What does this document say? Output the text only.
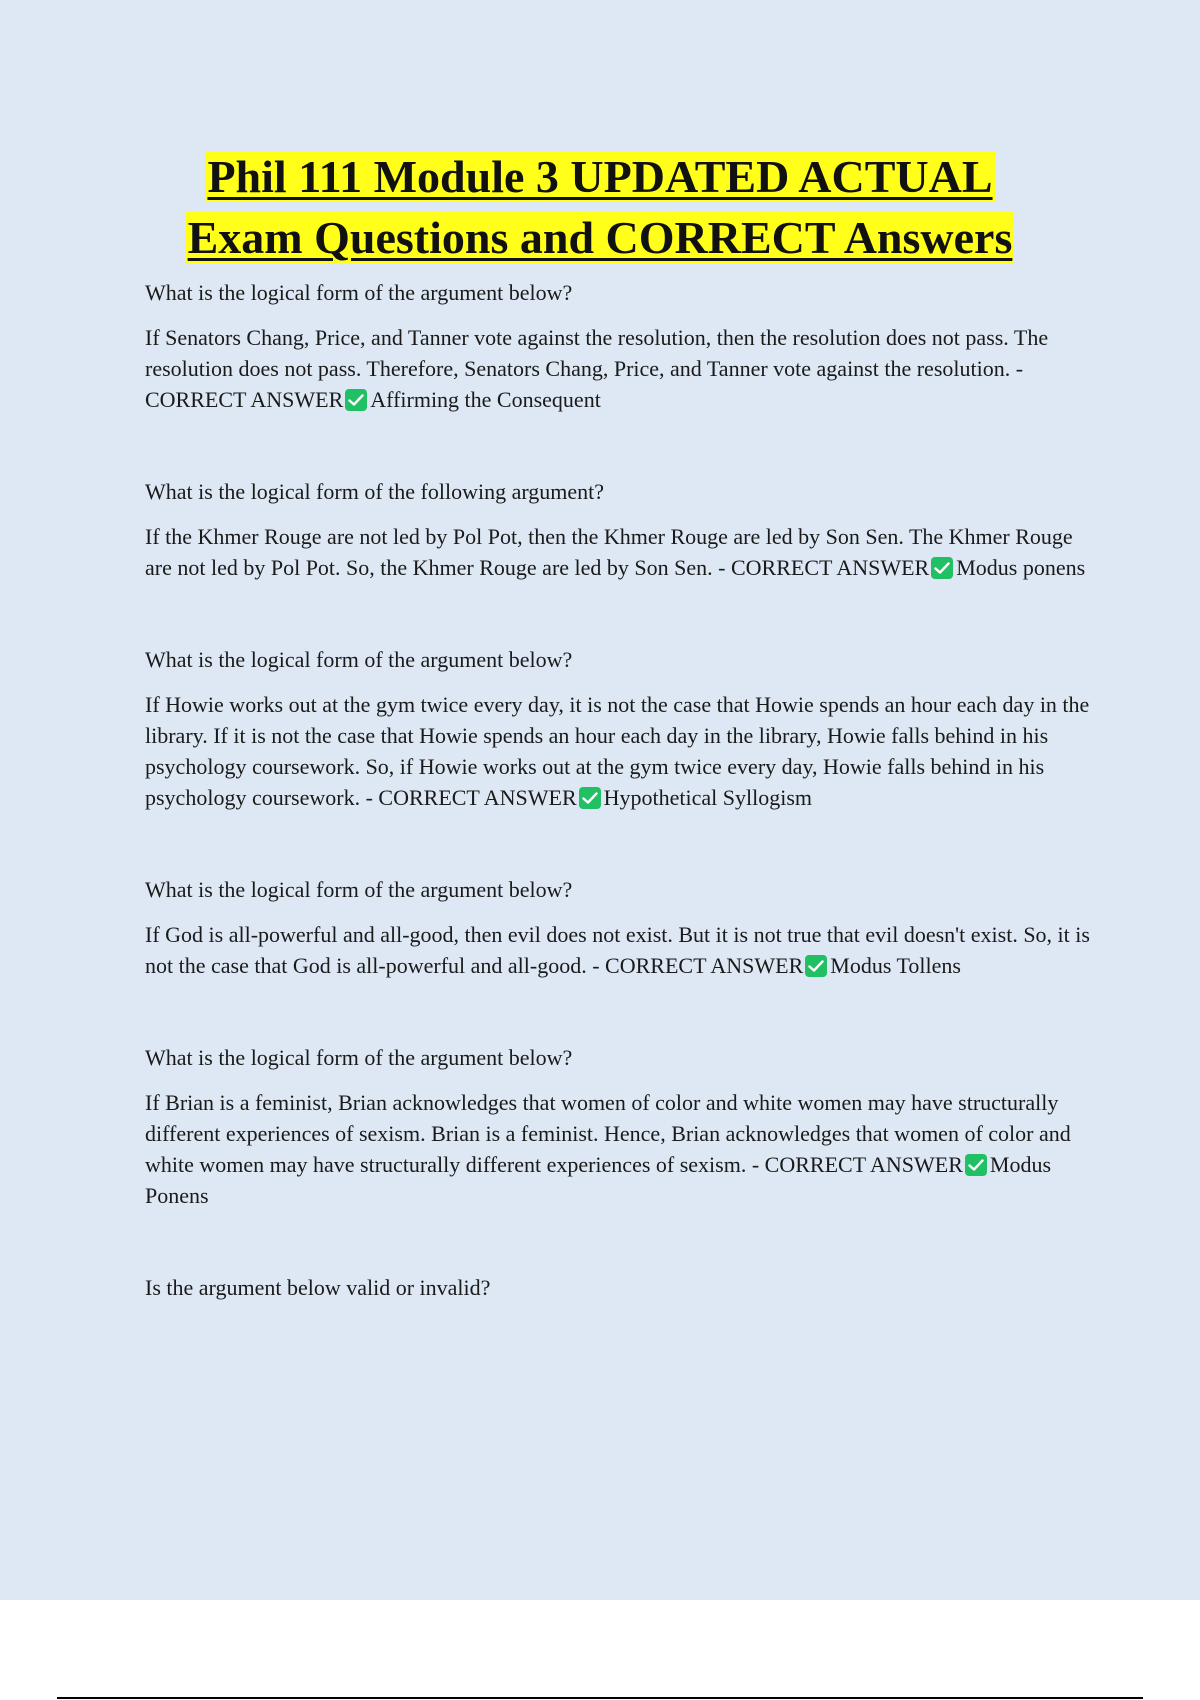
Phil 111 Module 3 UPDATED ACTUAL
Exam Questions and CORRECT Answers

What is the logical form of the argument below?

If Senators Chang, Price, and Tanner vote against the resolution, then the resolution does not pass. The resolution does not pass. Therefore, Senators Chang, Price, and Tanner vote against the resolution. - CORRECT ANSWER Affirming the Consequent

What is the logical form of the following argument?

If the Khmer Rouge are not led by Pol Pot, then the Khmer Rouge are led by Son Sen. The Khmer Rouge are not led by Pol Pot. So, the Khmer Rouge are led by Son Sen. - CORRECT ANSWER Modus ponens

What is the logical form of the argument below?

If Howie works out at the gym twice every day, it is not the case that Howie spends an hour each day in the library. If it is not the case that Howie spends an hour each day in the library, Howie falls behind in his psychology coursework. So, if Howie works out at the gym twice every day, Howie falls behind in his psychology coursework. - CORRECT ANSWER Hypothetical Syllogism

What is the logical form of the argument below?

If God is all-powerful and all-good, then evil does not exist. But it is not true that evil doesn't exist. So, it is not the case that God is all-powerful and all-good. - CORRECT ANSWER Modus Tollens

What is the logical form of the argument below?

If Brian is a feminist, Brian acknowledges that women of color and white women may have structurally different experiences of sexism. Brian is a feminist. Hence, Brian acknowledges that women of color and white women may have structurally different experiences of sexism. - CORRECT ANSWER Modus Ponens

Is the argument below valid or invalid?
